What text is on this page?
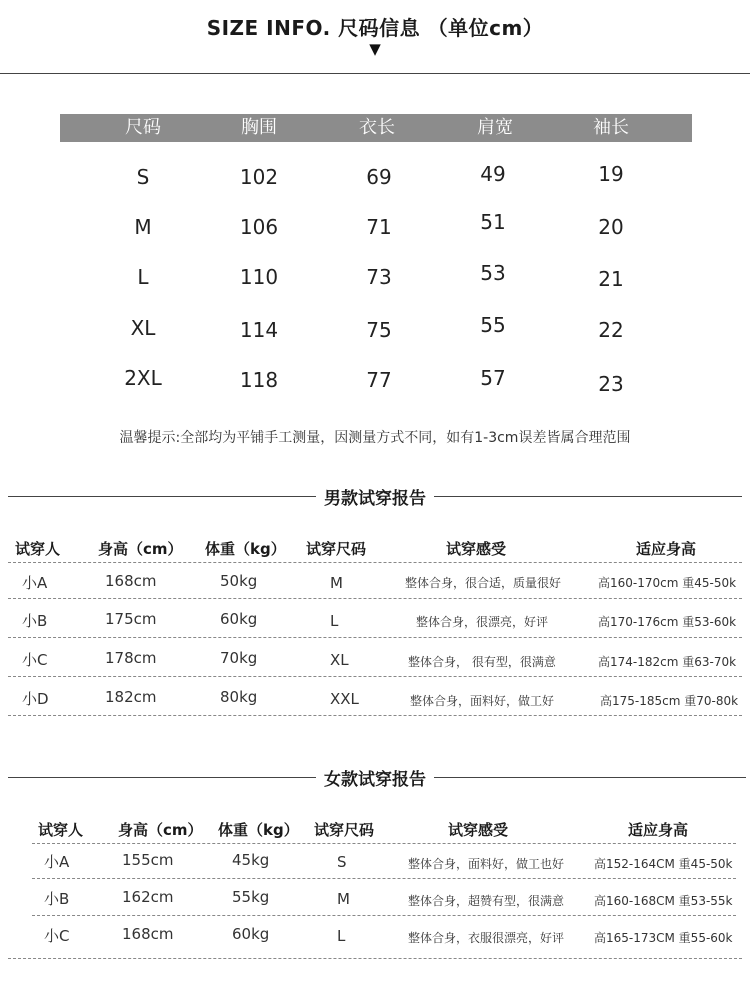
SIZE INFO. 尺码信息 （单位cm）
▼
尺码	胸围	衣长	肩宽	袖长
S	102	69	49	19
M	106	71	51	20
L	110	73	53	21
XL	114	75	55	22
2XL	118	77	57	23
温馨提示:全部均为平铺手工测量，因测量方式不同，如有1-3cm误差皆属合理范围
男款试穿报告
试穿人	身高（cm） 体重（kg） 试穿尺码	试穿感受	适应身高
小A	168cm	50kg	M	整体合身，很合适，质量很好	高160-170cm 重45-50k
小B	175cm	60kg	L	整体合身，很漂亮，好评	高170-176cm 重53-60k
小C	178cm	70kg	XL	整体合身， 很有型，很满意	高174-182cm 重63-70k
小D	182cm	80kg	XXL	整体合身，面料好，做工好	高175-185cm 重70-80k
女款试穿报告
试穿人 身高（cm） 体重（kg） 试穿尺码	试穿感受	适应身高
小A	155cm	45kg	S	整体合身，面料好，做工也好 高152-164CM 重45-50k
小B	162cm	55kg	M	整体合身，超赞有型，很满意 高160-168CM 重53-55k
小C	168cm	60kg	L	整体合身，衣服很漂亮，好评 高165-173CM 重55-60k
